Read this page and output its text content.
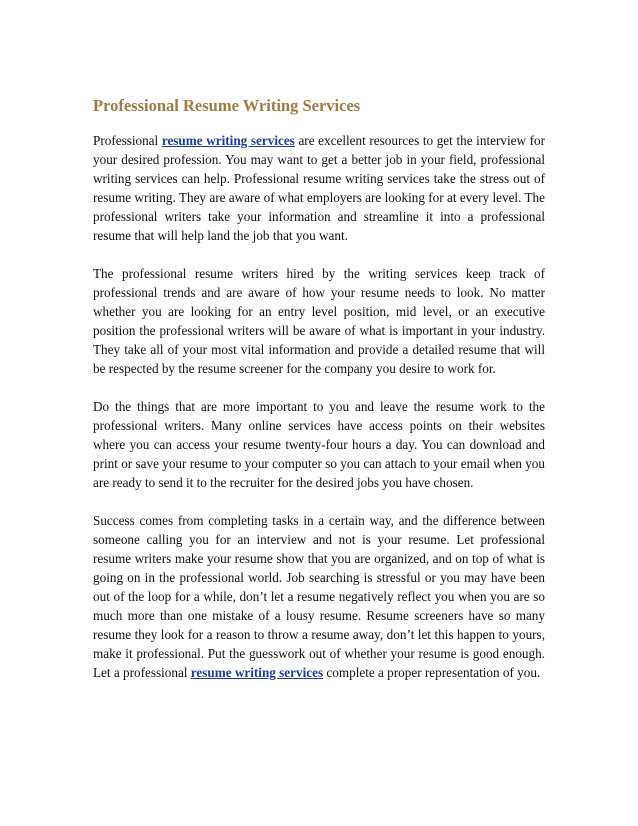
Professional Resume Writing Services

Professional resume writing services are excellent resources to get the interview for your desired profession. You may want to get a better job in your field, professional writing services can help. Professional resume writing services take the stress out of resume writing. They are aware of what employers are looking for at every level. The professional writers take your information and streamline it into a professional resume that will help land the job that you want.

The professional resume writers hired by the writing services keep track of professional trends and are aware of how your resume needs to look. No matter whether you are looking for an entry level position, mid level, or an executive position the professional writers will be aware of what is important in your industry. They take all of your most vital information and provide a detailed resume that will be respected by the resume screener for the company you desire to work for.

Do the things that are more important to you and leave the resume work to the professional writers. Many online services have access points on their websites where you can access your resume twenty-four hours a day. You can download and print or save your resume to your computer so you can attach to your email when you are ready to send it to the recruiter for the desired jobs you have chosen.

Success comes from completing tasks in a certain way, and the difference between someone calling you for an interview and not is your resume. Let professional resume writers make your resume show that you are organized, and on top of what is going on in the professional world. Job searching is stressful or you may have been out of the loop for a while, don’t let a resume negatively reflect you when you are so much more than one mistake of a lousy resume. Resume screeners have so many resume they look for a reason to throw a resume away, don’t let this happen to yours, make it professional. Put the guesswork out of whether your resume is good enough. Let a professional resume writing services complete a proper representation of you.
